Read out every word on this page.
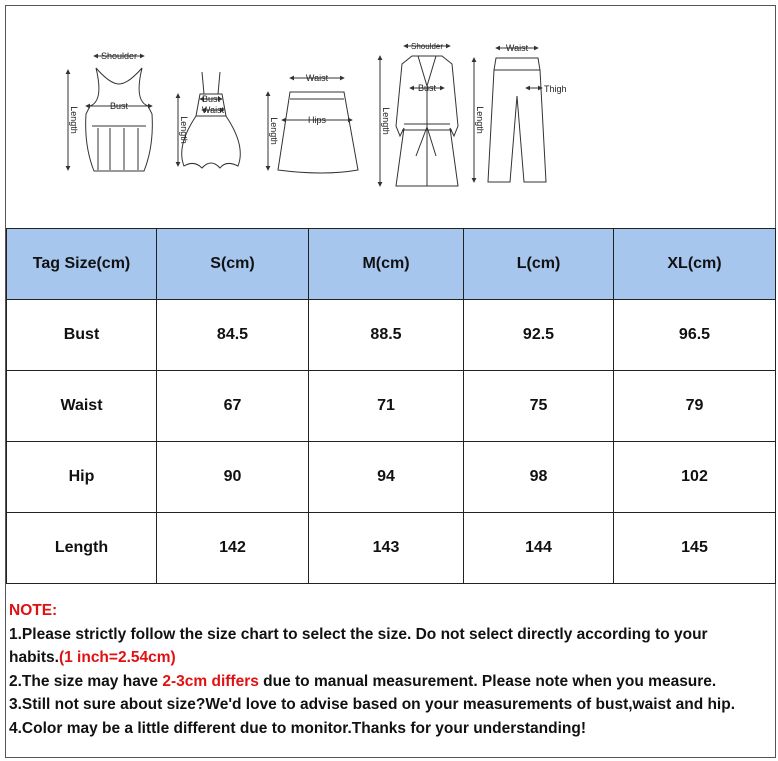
Shoulder
Bust
Length
Bust
Waist
Length
Waist
Hips
Length
Shoulder
Bust
Length
Waist
Thigh
Length
Tag Size(cm)	S(cm)	M(cm)	L(cm)	XL(cm)
Bust	84.5	88.5	92.5	96.5
Waist	67	71	75	79
Hip	90	94	98	102
Length	142	143	144	145

NOTE:

1.Please strictly follow the size chart to select the size. Do not select directly according to your

habits.(1 inch=2.54cm)

2.The size may have 2-3cm differs due to manual measurement. Please note when you measure.

3.Still not sure about size?We'd love to advise based on your measurements of bust,waist and hip.

4.Color may be a little different due to monitor.Thanks for your understanding!
